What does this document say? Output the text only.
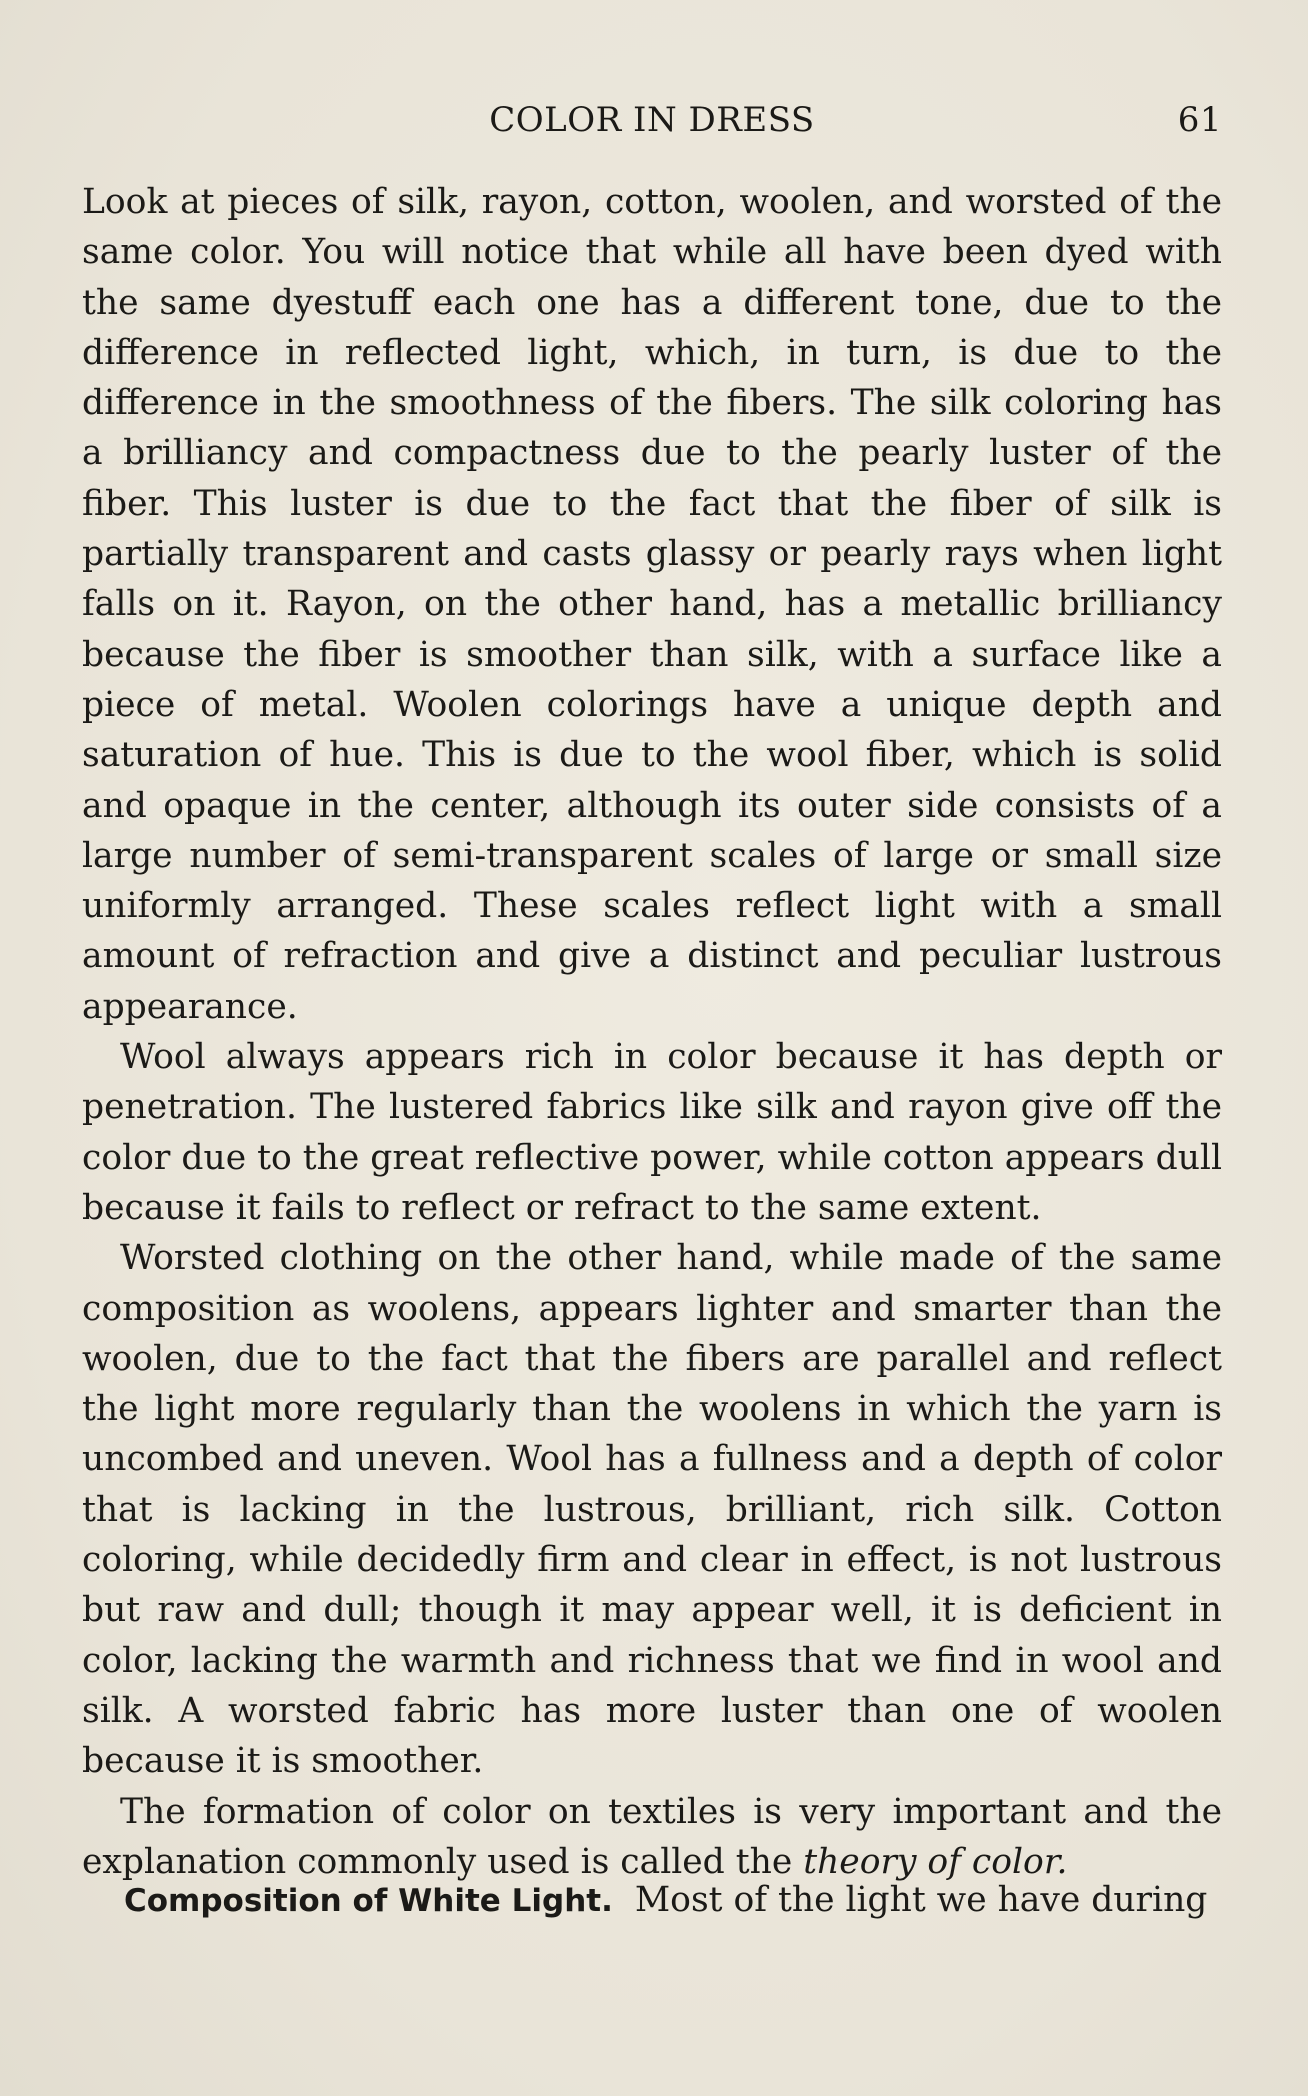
COLOR IN DRESS	61

Look at pieces of silk, rayon, cotton, woolen, and worsted of the same color. You will notice that while all have been dyed with the same dyestuff each one has a different tone, due to the difference in reflected light, which, in turn, is due to the difference in the smoothness of the fibers. The silk coloring has a brilliancy and compactness due to the pearly luster of the fiber. This luster is due to the fact that the fiber of silk is partially transparent and casts glassy or pearly rays when light falls on it. Rayon, on the other hand, has a metallic brilliancy because the fiber is smoother than silk, with a surface like a piece of metal. Woolen colorings have a unique depth and saturation of hue. This is due to the wool fiber, which is solid and opaque in the center, although its outer side consists of a large number of semi-transparent scales of large or small size uniformly arranged. These scales reflect light with a small amount of refraction and give a distinct and peculiar lustrous appearance.

Wool always appears rich in color because it has depth or penetration. The lustered fabrics like silk and rayon give off the color due to the great reflective power, while cotton appears dull because it fails to reflect or refract to the same extent.

Worsted clothing on the other hand, while made of the same composition as woolens, appears lighter and smarter than the woolen, due to the fact that the fibers are parallel and reflect the light more regularly than the woolens in which the yarn is uncombed and uneven. Wool has a fullness and a depth of color that is lacking in the lustrous, brilliant, rich silk. Cotton coloring, while decidedly firm and clear in effect, is not lustrous but raw and dull; though it may appear well, it is deficient in color, lacking the warmth and richness that we find in wool and silk. A worsted fabric has more luster than one of woolen because it is smoother.

The formation of color on textiles is very important and the explanation commonly used is called the theory of color.

Composition of White Light. Most of the light we have during
